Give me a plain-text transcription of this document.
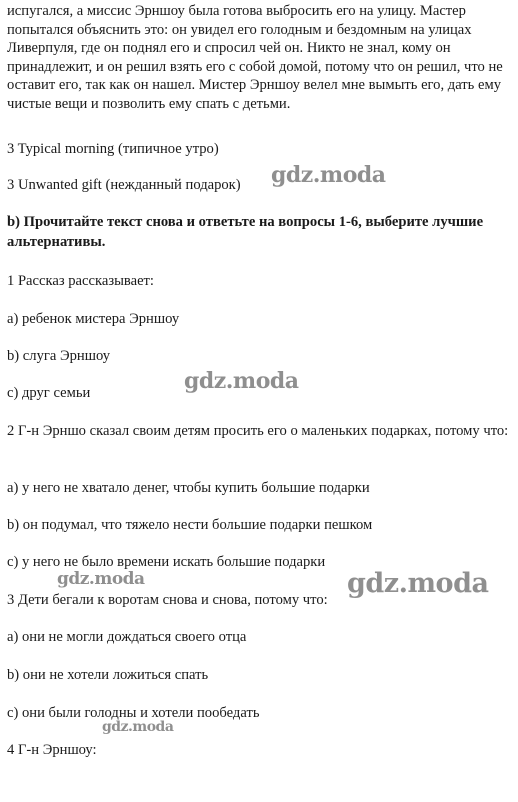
испугался, а миссис Эрншоу была готова выбросить его на улицу. Мастер попытался объяснить это: он увидел его голодным и бездомным на улицах Ливерпуля, где он поднял его и спросил чей он. Никто не знал, кому он принадлежит, и он решил взять его с собой домой, потому что он решил, что не оставит его, так как он нашел. Мистер Эрншоу велел мне вымыть его, дать ему чистые вещи и позволить ему спать с детьми.

3 Typical morning (типичное утро)

3 Unwanted gift (нежданный подарок)

b) Прочитайте текст снова и ответьте на вопросы 1-6, выберите лучшие альтернативы.

1 Рассказ рассказывает:

a) ребенок мистера Эрншоу

b) слуга Эрншоу

c) друг семьи

2 Г-н Эрншо сказал своим детям просить его о маленьких подарках, потому что:

a) у него не хватало денег, чтобы купить большие подарки

b) он подумал, что тяжело нести большие подарки пешком

c) у него не было времени искать большие подарки

3 Дети бегали к воротам снова и снова, потому что:

a) они не могли дождаться своего отца

b) они не хотели ложиться спать

c) они были голодны и хотели пообедать

4 Г-н Эрншоу:

gdz.moda
gdz.moda
gdz.moda	gdz.moda
gdz.moda
